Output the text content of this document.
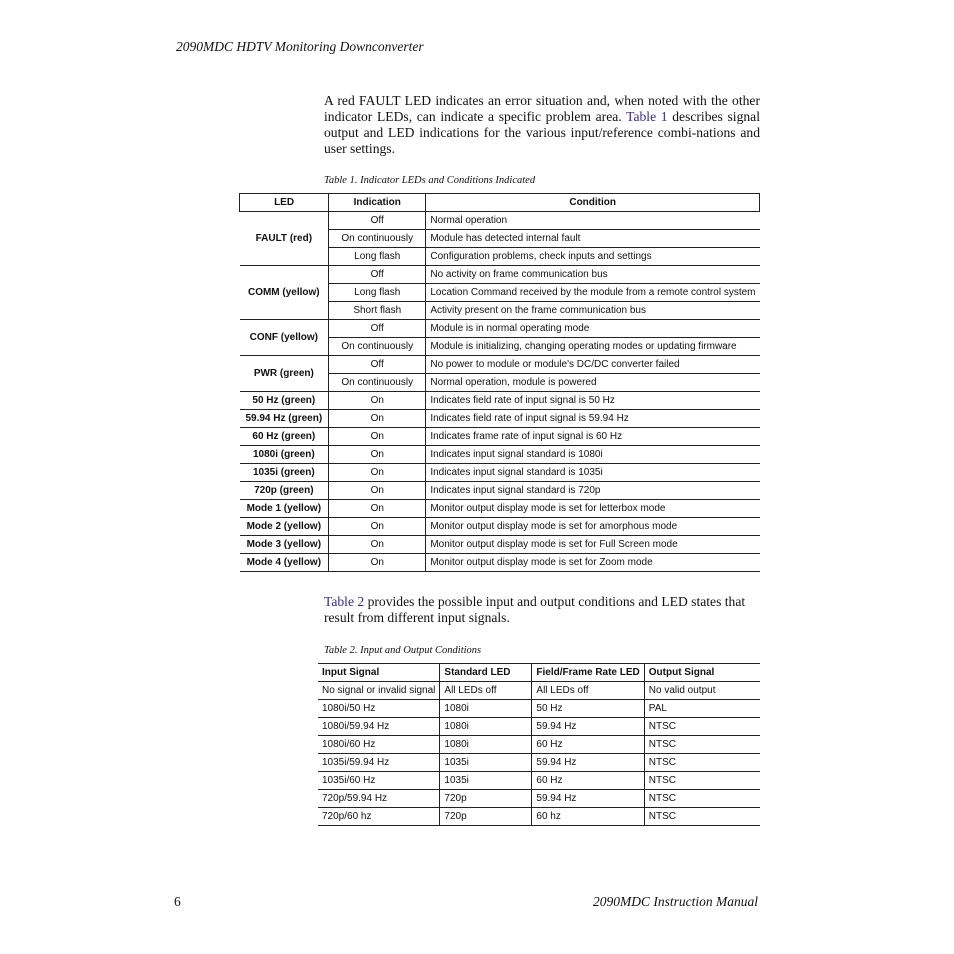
2090MDC HDTV Monitoring Downconverter

A red FAULT LED indicates an error situation and, when noted with the other indicator LEDs, can indicate a specific problem area. Table 1 describes signal output and LED indications for the various input/reference combi-nations and user settings.

Table 1. Indicator LEDs and Conditions Indicated
LED	Indication	Condition
FAULT (red)	Off	Normal operation
	On continuously	Module has detected internal fault
	Long flash	Configuration problems, check inputs and settings
COMM (yellow)	Off	No activity on frame communication bus
	Long flash	Location Command received by the module from a remote control system
	Short flash	Activity present on the frame communication bus
CONF (yellow)	Off	Module is in normal operating mode
	On continuously	Module is initializing, changing operating modes or updating firmware
PWR (green)	Off	No power to module or module's DC/DC converter failed
	On continuously	Normal operation, module is powered
50 Hz (green)	On	Indicates field rate of input signal is 50 Hz
59.94 Hz (green)	On	Indicates field rate of input signal is 59.94 Hz
60 Hz (green)	On	Indicates frame rate of input signal is 60 Hz
1080i (green)	On	Indicates input signal standard is 1080i
1035i (green)	On	Indicates input signal standard is 1035i
720p (green)	On	Indicates input signal standard is 720p
Mode 1 (yellow)	On	Monitor output display mode is set for letterbox mode
Mode 2 (yellow)	On	Monitor output display mode is set for amorphous mode
Mode 3 (yellow)	On	Monitor output display mode is set for Full Screen mode
Mode 4 (yellow)	On	Monitor output display mode is set for Zoom mode

Table 2 provides the possible input and output conditions and LED states that result from different input signals.

Table 2. Input and Output Conditions
Input Signal	Standard LED	Field/Frame Rate LED	Output Signal
No signal or invalid signal	All LEDs off	All LEDs off	No valid output
1080i/50 Hz	1080i	50 Hz	PAL
1080i/59.94 Hz	1080i	59.94 Hz	NTSC
1080i/60 Hz	1080i	60 Hz	NTSC
1035i/59.94 Hz	1035i	59.94 Hz	NTSC
1035i/60 Hz	1035i	60 Hz	NTSC
720p/59.94 Hz	720p	59.94 Hz	NTSC
720p/60 hz	720p	60 hz	NTSC
6	2090MDC Instruction Manual
